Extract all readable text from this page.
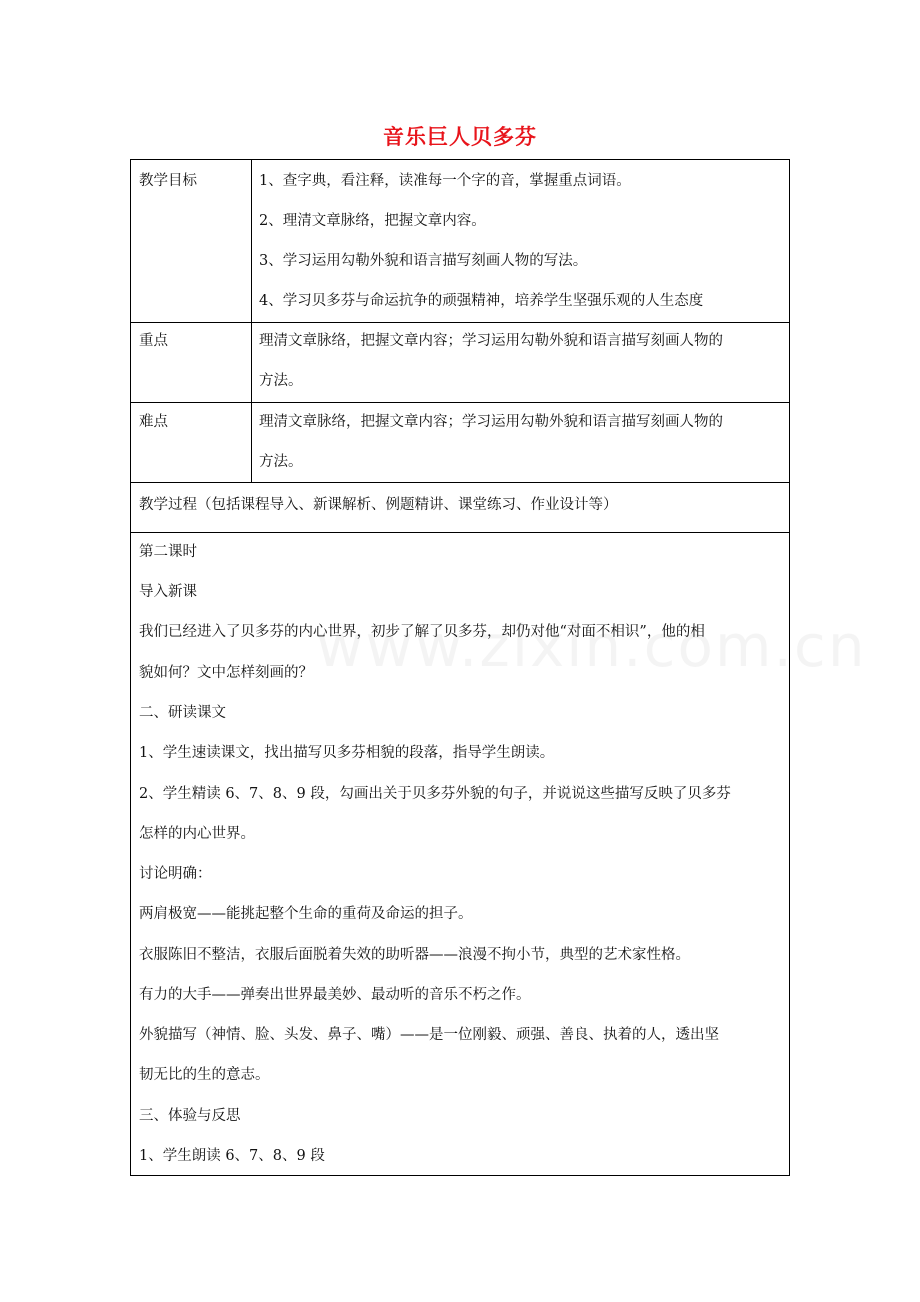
音乐巨人贝多芬
教学目标	1、查字典，看注释，读准每一个字的音，掌握重点词语。
2、理清文章脉络，把握文章内容。
3、学习运用勾勒外貌和语言描写刻画人物的写法。
4、学习贝多芬与命运抗争的顽强精神，培养学生坚强乐观的人生态度
重点	理清文章脉络，把握文章内容；学习运用勾勒外貌和语言描写刻画人物的
方法。
难点	理清文章脉络，把握文章内容；学习运用勾勒外貌和语言描写刻画人物的
方法。
教学过程（包括课程导入、新课解析、例题精讲、课堂练习、作业设计等）
第二课时
导入新课
我们已经进入了贝多芬的内心世界，初步了解了贝多芬，却仍对他“对面不相识”，他的相
貌如何？文中怎样刻画的？
二、研读课文
1、学生速读课文，找出描写贝多芬相貌的段落，指导学生朗读。
2、学生精读 6、7、8、9 段，勾画出关于贝多芬外貌的句子，并说说这些描写反映了贝多芬
怎样的内心世界。
讨论明确：
两肩极宽——能挑起整个生命的重荷及命运的担子。
衣服陈旧不整洁，衣服后面脱着失效的助听器——浪漫不拘小节，典型的艺术家性格。
有力的大手——弹奏出世界最美妙、最动听的音乐不朽之作。
外貌描写（神情、脸、头发、鼻子、嘴）——是一位刚毅、顽强、善良、执着的人，透出坚
韧无比的生的意志。
三、体验与反思
1、学生朗读 6、7、8、9 段
